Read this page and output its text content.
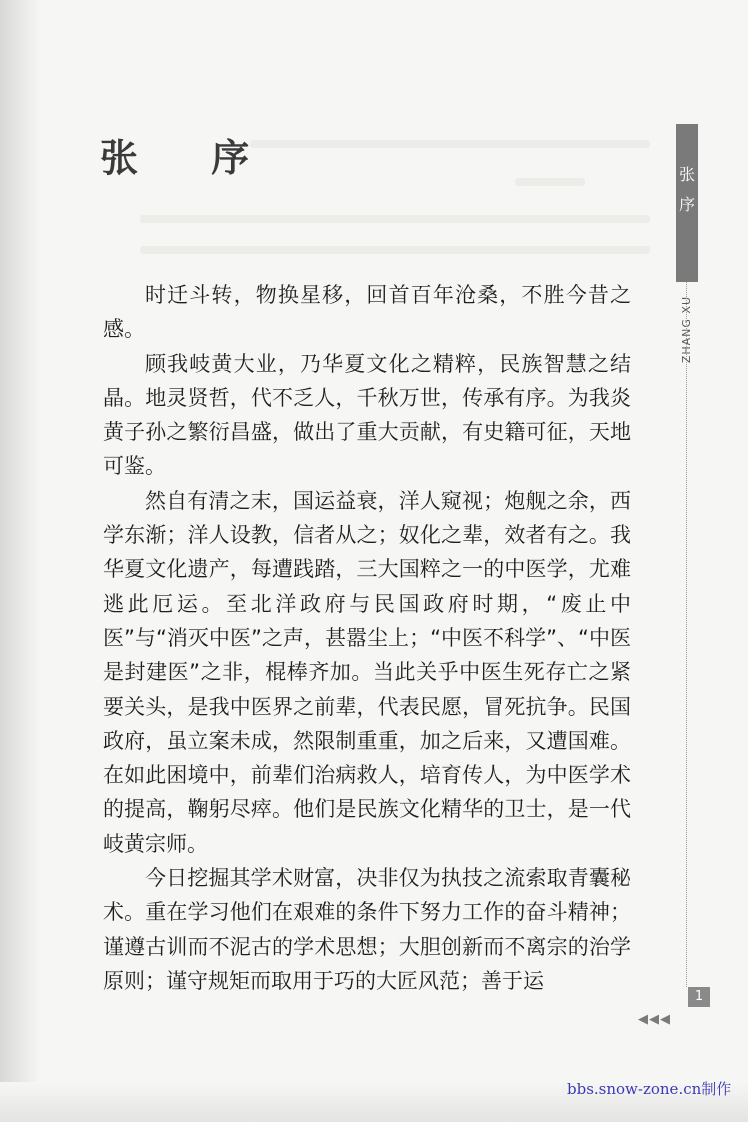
张 序

时迁斗转，物换星移，回首百年沧桑，不胜今昔之感。

顾我岐黄大业，乃华夏文化之精粹，民族智慧之结晶。地灵贤哲，代不乏人，千秋万世，传承有序。为我炎黄子孙之繁衍昌盛，做出了重大贡献，有史籍可征，天地可鉴。

然自有清之末，国运益衰，洋人窥视；炮舰之余，西学东渐；洋人设教，信者从之；奴化之辈，效者有之。我华夏文化遗产，每遭践踏，三大国粹之一的中医学，尤难逃此厄运。至北洋政府与民国政府时期，“废止中医”与“消灭中医”之声，甚嚣尘上；“中医不科学”、“中医是封建医”之非，棍棒齐加。当此关乎中医生死存亡之紧要关头，是我中医界之前辈，代表民愿，冒死抗争。民国政府，虽立案未成，然限制重重，加之后来，又遭国难。在如此困境中，前辈们治病救人，培育传人，为中医学术的提高，鞠躬尽瘁。他们是民族文化精华的卫士，是一代岐黄宗师。

今日挖掘其学术财富，决非仅为执技之流索取青囊秘术。重在学习他们在艰难的条件下努力工作的奋斗精神；谨遵古训而不泥古的学术思想；大胆创新而不离宗的治学原则；谨守规矩而取用于巧的大匠风范；善于运

张
序
ZHANG XU
1
◀◀◀
bbs.snow-zone.cn制作
